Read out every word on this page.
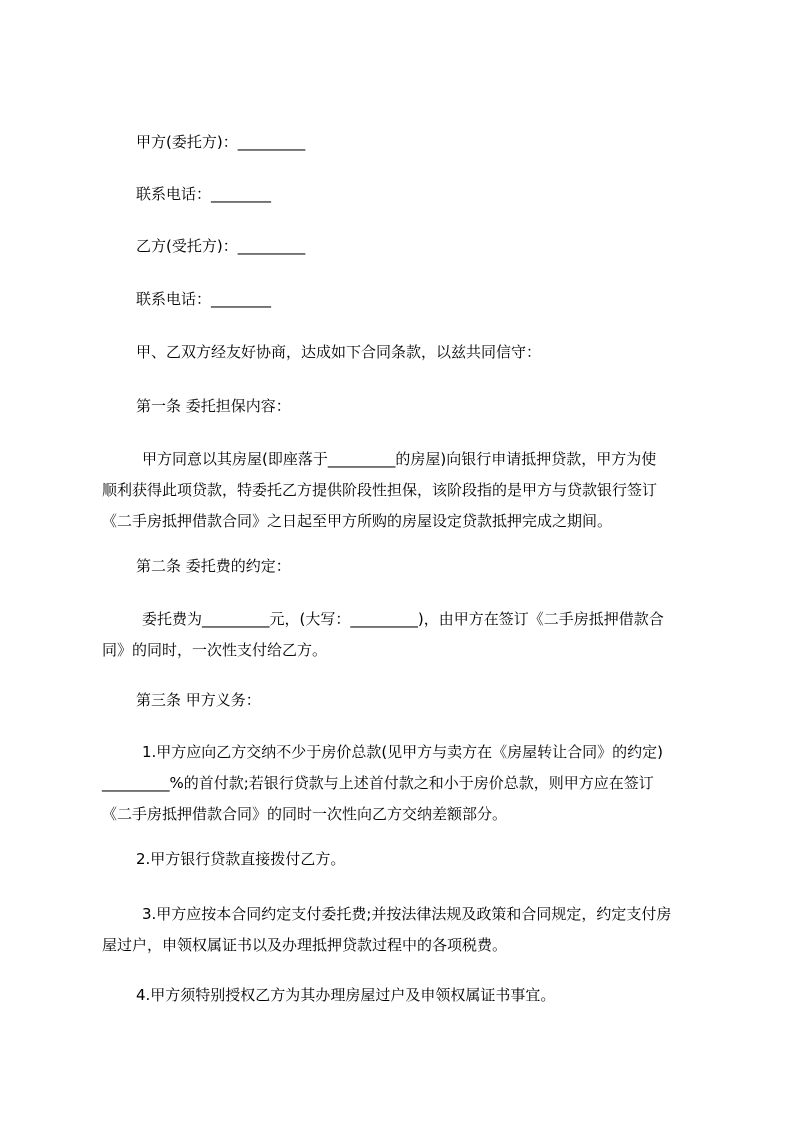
甲方(委托方)：_________
联系电话：________
乙方(受托方)：_________
联系电话：________
甲、乙双方经友好协商，达成如下合同条款，以兹共同信守：
第一条 委托担保内容：
甲方同意以其房屋(即座落于_________的房屋)向银行申请抵押贷款，甲方为使
顺利获得此项贷款，特委托乙方提供阶段性担保，该阶段指的是甲方与贷款银行签订
《二手房抵押借款合同》之日起至甲方所购的房屋设定贷款抵押完成之期间。
第二条 委托费的约定：
委托费为_________元，(大写：_________)，由甲方在签订《二手房抵押借款合
同》的同时，一次性支付给乙方。
第三条 甲方义务：
1.甲方应向乙方交纳不少于房价总款(见甲方与卖方在《房屋转让合同》的约定)
_________%的首付款;若银行贷款与上述首付款之和小于房价总款，则甲方应在签订
《二手房抵押借款合同》的同时一次性向乙方交纳差额部分。
2.甲方银行贷款直接拨付乙方。
3.甲方应按本合同约定支付委托费;并按法律法规及政策和合同规定，约定支付房
屋过户，申领权属证书以及办理抵押贷款过程中的各项税费。
4.甲方须特别授权乙方为其办理房屋过户及申领权属证书事宜。
